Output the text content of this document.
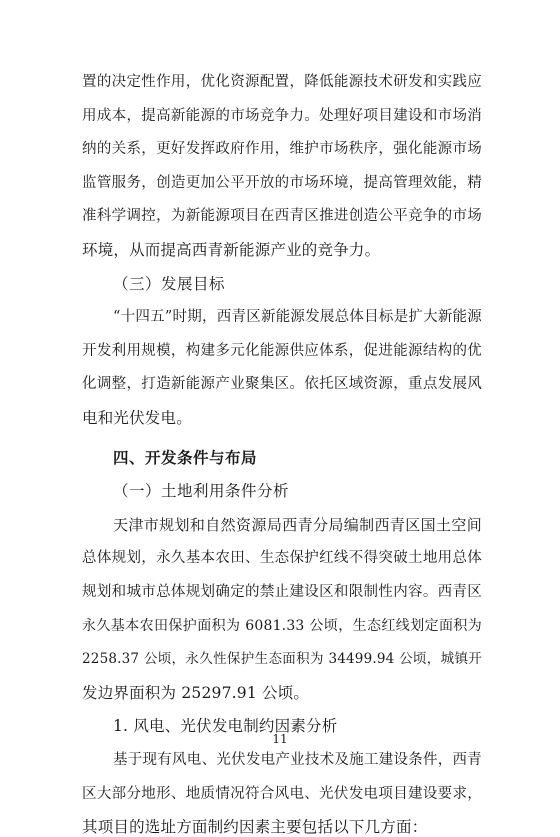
置的决定性作用，优化资源配置，降低能源技术研发和实践应
用成本，提高新能源的市场竞争力。处理好项目建设和市场消
纳的关系，更好发挥政府作用，维护市场秩序，强化能源市场
监管服务，创造更加公平开放的市场环境，提高管理效能，精
准科学调控，为新能源项目在西青区推进创造公平竞争的市场
环境，从而提高西青新能源产业的竞争力。
（三）发展目标
“十四五”时期，西青区新能源发展总体目标是扩大新能源
开发利用规模，构建多元化能源供应体系，促进能源结构的优
化调整，打造新能源产业聚集区。依托区域资源，重点发展风
电和光伏发电。
四、开发条件与布局
（一）土地利用条件分析
天津市规划和自然资源局西青分局编制西青区国土空间
总体规划，永久基本农田、生态保护红线不得突破土地用总体
规划和城市总体规划确定的禁止建设区和限制性内容。西青区
永久基本农田保护面积为 6081.33 公顷，生态红线划定面积为
2258.37 公顷，永久性保护生态面积为 34499.94 公顷，城镇开
发边界面积为 25297.91 公顷。
1. 风电、光伏发电制约因素分析
基于现有风电、光伏发电产业技术及施工建设条件，西青
区大部分地形、地质情况符合风电、光伏发电项目建设要求，
其项目的选址方面制约因素主要包括以下几方面：
11
